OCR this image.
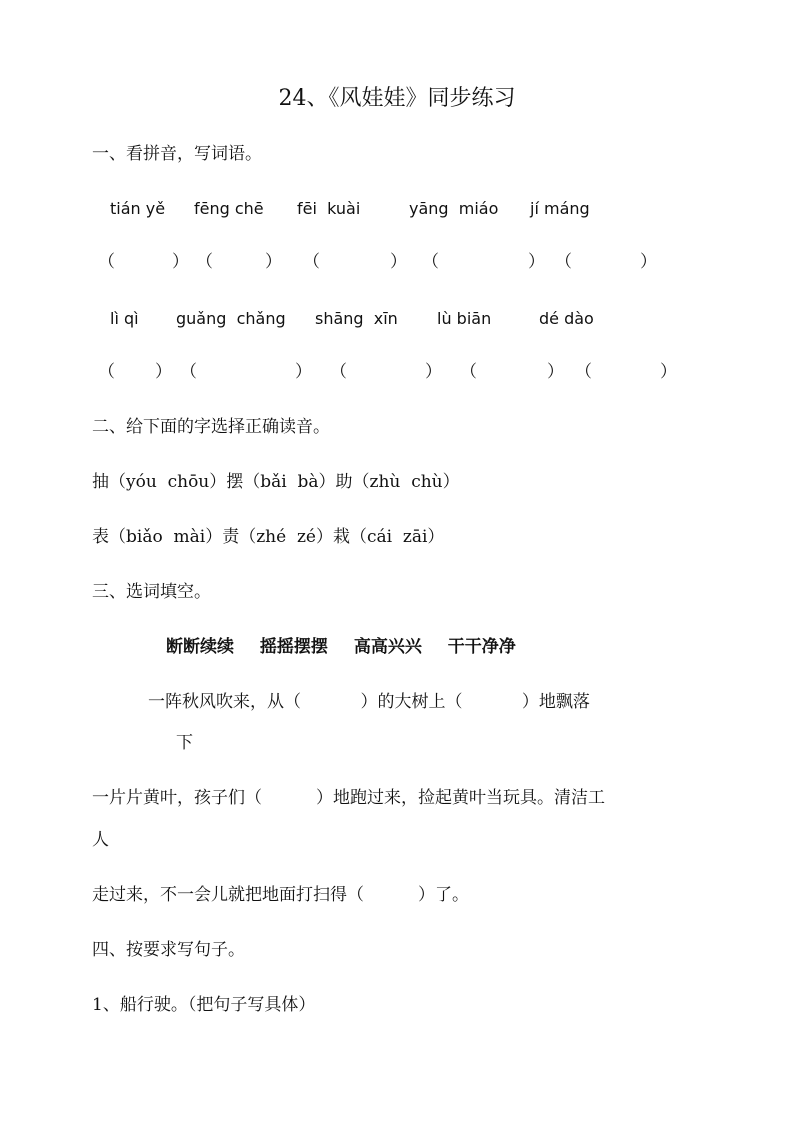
24、《风娃娃》同步练习
一、看拼音，写词语。
tián yě fēng chē fēi  kuài	yāng  miáo jí máng
（	） （	） （	） （	） （	）
lì qì guǎng  chǎng shāng  xīn lù biān	dé dào
（ ） （	） （	） （	） （	）
二、给下面的字选择正确读音。
抽（yóu  chōu）摆（bǎi  bà）助（zhù  chù）
表（biǎo  mài）责（zhé  zé）栽（cái  zāi）
三、选词填空。
断断续续 摇摇摆摆 高高兴兴 干干净净
一阵秋风吹来，从（           ）的大树上（           ）地飘落
下
一片片黄叶，孩子们（          ）地跑过来，捡起黄叶当玩具。清洁工
人
走过来，不一会儿就把地面打扫得（          ）了。
四、按要求写句子。
1、船行驶。（把句子写具体）
